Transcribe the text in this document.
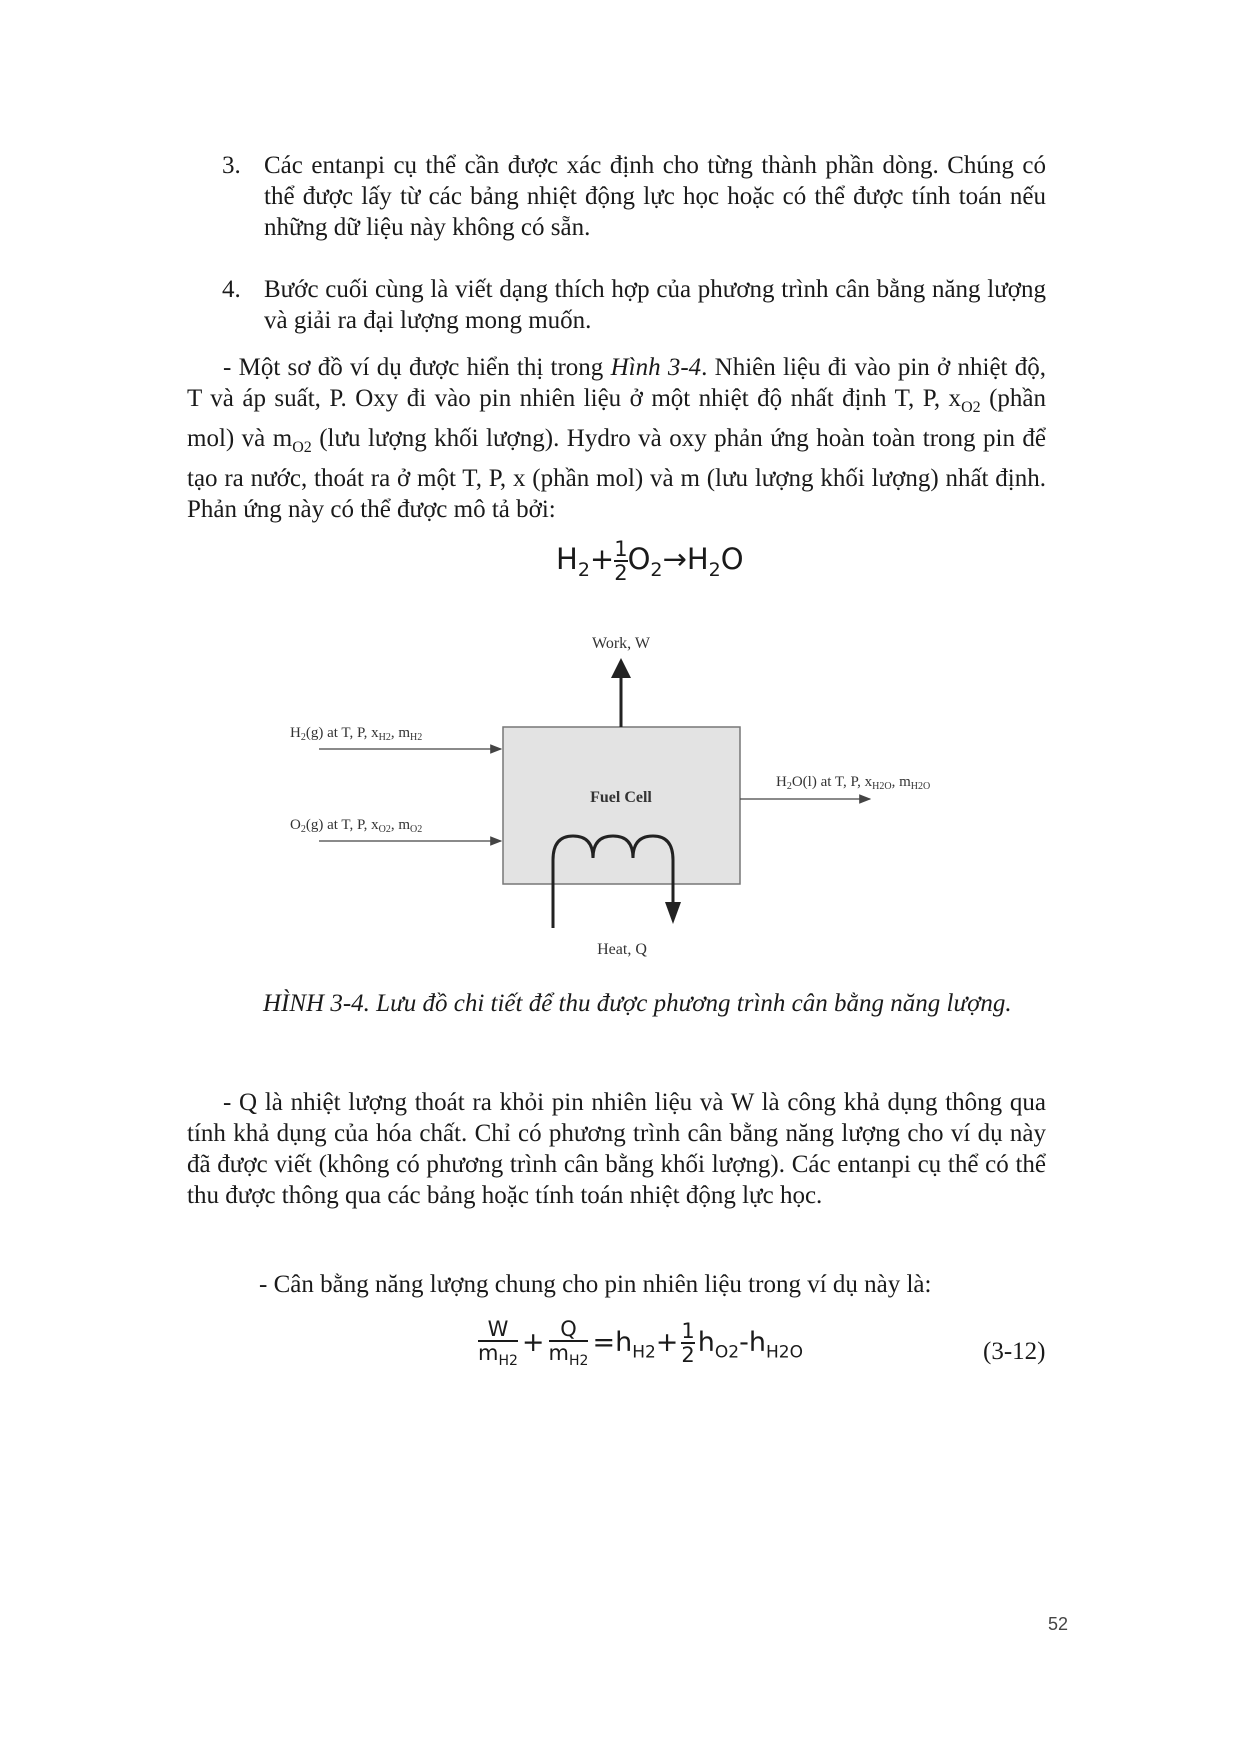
3. Các entanpi cụ thể cần được xác định cho từng thành phần dòng. Chúng có thể được lấy từ các bảng nhiệt động lực học hoặc có thể được tính toán nếu những dữ liệu này không có sẵn.
4. Bước cuối cùng là viết dạng thích hợp của phương trình cân bằng năng lượng và giải ra đại lượng mong muốn.
- Một sơ đồ ví dụ được hiển thị trong Hình 3-4. Nhiên liệu đi vào pin ở nhiệt độ, T và áp suất, P. Oxy đi vào pin nhiên liệu ở một nhiệt độ nhất định T, P, $x_{O2}$ (phần mol) và $m_{O2}$ (lưu lượng khối lượng). Hydro và oxy phản ứng hoàn toàn trong pin để tạo ra nước, thoát ra ở một T, P, x (phần mol) và m (lưu lượng khối lượng) nhất định. Phản ứng này có thể được mô tả bởi:
$H_2+ \frac{1}{2} O_2\to H_2O$
Fuel Cell
Work, W
$H_2(g)$ at T, P, $x_{H2}$, $m_{H2}$
$O_2(g)$ at T, P, $x_{O2}$, $m_{O2}$
$H_2O(l)$ at T, P, $x_{H2O}$, $m_{H2O}$
Heat, Q
HÌNH 3-4. Lưu đồ chi tiết để thu được phương trình cân bằng năng lượng.
- Q là nhiệt lượng thoát ra khỏi pin nhiên liệu và W là công khả dụng thông qua tính khả dụng của hóa chất. Chỉ có phương trình cân bằng năng lượng cho ví dụ này đã được viết (không có phương trình cân bằng khối lượng). Các entanpi cụ thể có thể thu được thông qua các bảng hoặc tính toán nhiệt động lực học.
- Cân bằng năng lượng chung cho pin nhiên liệu trong ví dụ này là:
$\frac{W}{m_{H2}} + \frac{Q}{m_{H2}} =h_{H2}+ \frac{1}{2} h_{O2}-h_{H2O}$	(3-12)
52
